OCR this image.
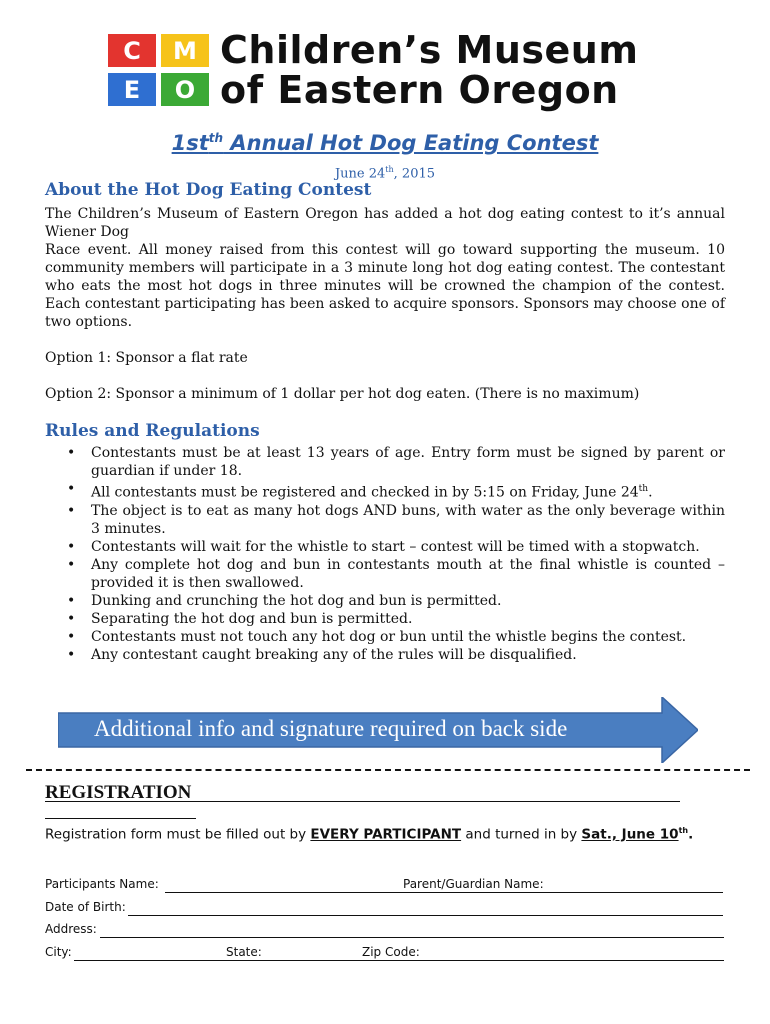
C	M
E	O
Children’s Museum
of Eastern Oregon
$1st^{th}$ Annual Hot Dog Eating Contest
June 24th, 2015
About the Hot Dog Eating Contest
The Children’s Museum of Eastern Oregon has added a hot dog eating contest to it’s annual Wiener Dog
Race event. All money raised from this contest will go toward supporting the museum. 10 community members will participate in a 3 minute long hot dog eating contest. The contestant who eats the most hot dogs in three minutes will be crowned the champion of the contest. Each contestant participating has been asked to acquire sponsors. Sponsors may choose one of two options.
Option 1: Sponsor a flat rate
Option 2: Sponsor a minimum of 1 dollar per hot dog eaten. (There is no maximum)
Rules and Regulations
• Contestants must be at least 13 years of age. Entry form must be signed by parent or guardian if under 18.
• All contestants must be registered and checked in by 5:15 on Friday, June 24th.
• The object is to eat as many hot dogs AND buns, with water as the only beverage within 3 minutes.
• Contestants will wait for the whistle to start – contest will be timed with a stopwatch.
• Any complete hot dog and bun in contestants mouth at the final whistle is counted – provided it is then swallowed.
• Dunking and crunching the hot dog and bun is permitted.
• Separating the hot dog and bun is permitted.
• Contestants must not touch any hot dog or bun until the whistle begins the contest.
• Any contestant caught breaking any of the rules will be disqualified.
Additional info and signature required on back side
REGISTRATION
Registration form must be filled out by EVERY PARTICIPANT and turned in by Sat., June 10th.
Participants Name:	Parent/Guardian Name:
Date of Birth:
Address:
City:	State:	Zip Code:
